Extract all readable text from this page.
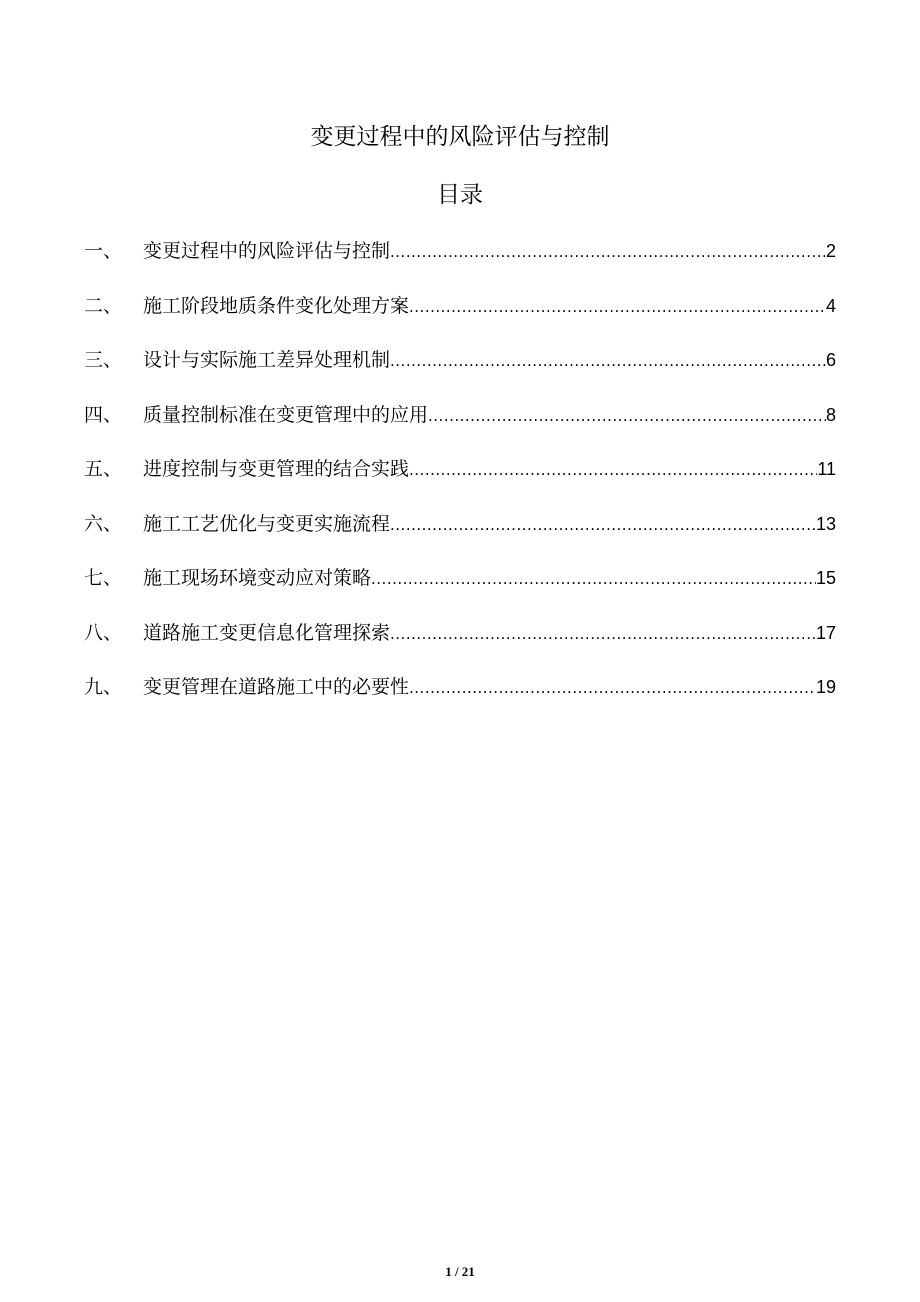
变更过程中的风险评估与控制
目录
一、	变更过程中的风险评估与控制 .....	2
二、	施工阶段地质条件变化处理方案 .....	4
三、	设计与实际施工差异处理机制 .....	6
四、	质量控制标准在变更管理中的应用 .....	8
五、	进度控制与变更管理的结合实践 .....	11
六、	施工工艺优化与变更实施流程 .....	13
七、	施工现场环境变动应对策略 .....	15
八、	道路施工变更信息化管理探索 .....	17
九、	变更管理在道路施工中的必要性 .....	19
1 / 21
